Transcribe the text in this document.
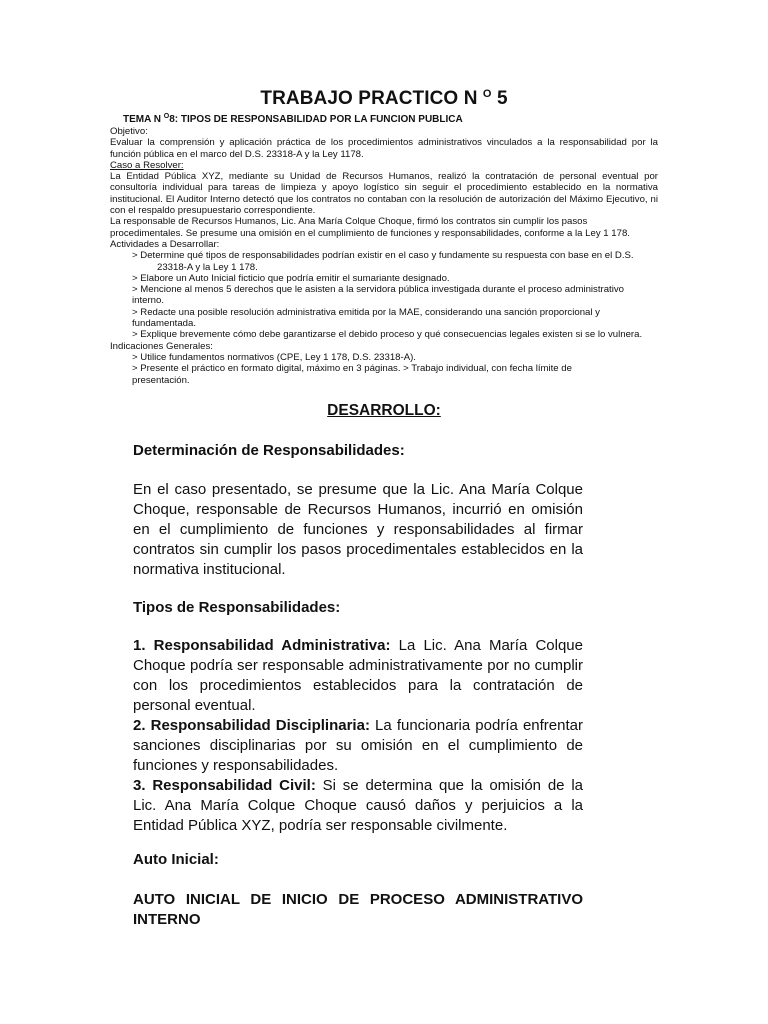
TRABAJO PRACTICO N $^O$ 5
TEMA N $^O$8: TIPOS DE RESPONSABILIDAD POR LA FUNCION PUBLICA

Objetivo:

Evaluar la comprensión y aplicación práctica de los procedimientos administrativos vinculados a la responsabilidad por la función pública en el marco del D.S. 23318-A y la Ley 1178.

Caso a Resolver:

La Entidad Pública XYZ, mediante su Unidad de Recursos Humanos, realizó la contratación de personal eventual por consultoría individual para tareas de limpieza y apoyo logístico sin seguir el procedimiento establecido en la normativa institucional. El Auditor Interno detectó que los contratos no contaban con la resolución de autorización del Máximo Ejecutivo, ni con el respaldo presupuestario correspondiente.

La responsable de Recursos Humanos, Lic. Ana María Colque Choque, firmó los contratos sin cumplir los pasos

procedimentales. Se presume una omisión en el cumplimiento de funciones y responsabilidades, conforme a la Ley 1 178.

Actividades a Desarrollar:

> Determine qué tipos de responsabilidades podrían existir en el caso y fundamente su respuesta con base en el D.S.

23318-A y la Ley 1 178.

> Elabore un Auto Inicial ficticio que podría emitir el sumariante designado.

> Mencione al menos 5 derechos que le asisten a la servidora pública investigada durante el proceso administrativo interno.

> Redacte una posible resolución administrativa emitida por la MAE, considerando una sanción proporcional y fundamentada.

> Explique brevemente cómo debe garantizarse el debido proceso y qué consecuencias legales existen si se lo vulnera.

Indicaciones Generales:

> Utilice fundamentos normativos (CPE, Ley 1 178, D.S. 23318-A).

> Presente el práctico en formato digital, máximo en 3 páginas. > Trabajo individual, con fecha límite de

presentación.

DESARROLLO:
Determinación de Responsabilidades:
En el caso presentado, se presume que la Lic. Ana María Colque Choque, responsable de Recursos Humanos, incurrió en omisión en el cumplimiento de funciones y responsabilidades al firmar contratos sin cumplir los pasos procedimentales establecidos en la normativa institucional.
Tipos de Responsabilidades:

1. Responsabilidad Administrativa: La Lic. Ana María Colque Choque podría ser responsable administrativamente por no cumplir con los procedimientos establecidos para la contratación de personal eventual.

2. Responsabilidad Disciplinaria: La funcionaria podría enfrentar sanciones disciplinarias por su omisión en el cumplimiento de funciones y responsabilidades.

3. Responsabilidad Civil: Si se determina que la omisión de la Lic. Ana María Colque Choque causó daños y perjuicios a la Entidad Pública XYZ, podría ser responsable civilmente.

Auto Inicial:
AUTO INICIAL DE INICIO DE PROCESO ADMINISTRATIVO INTERNO
